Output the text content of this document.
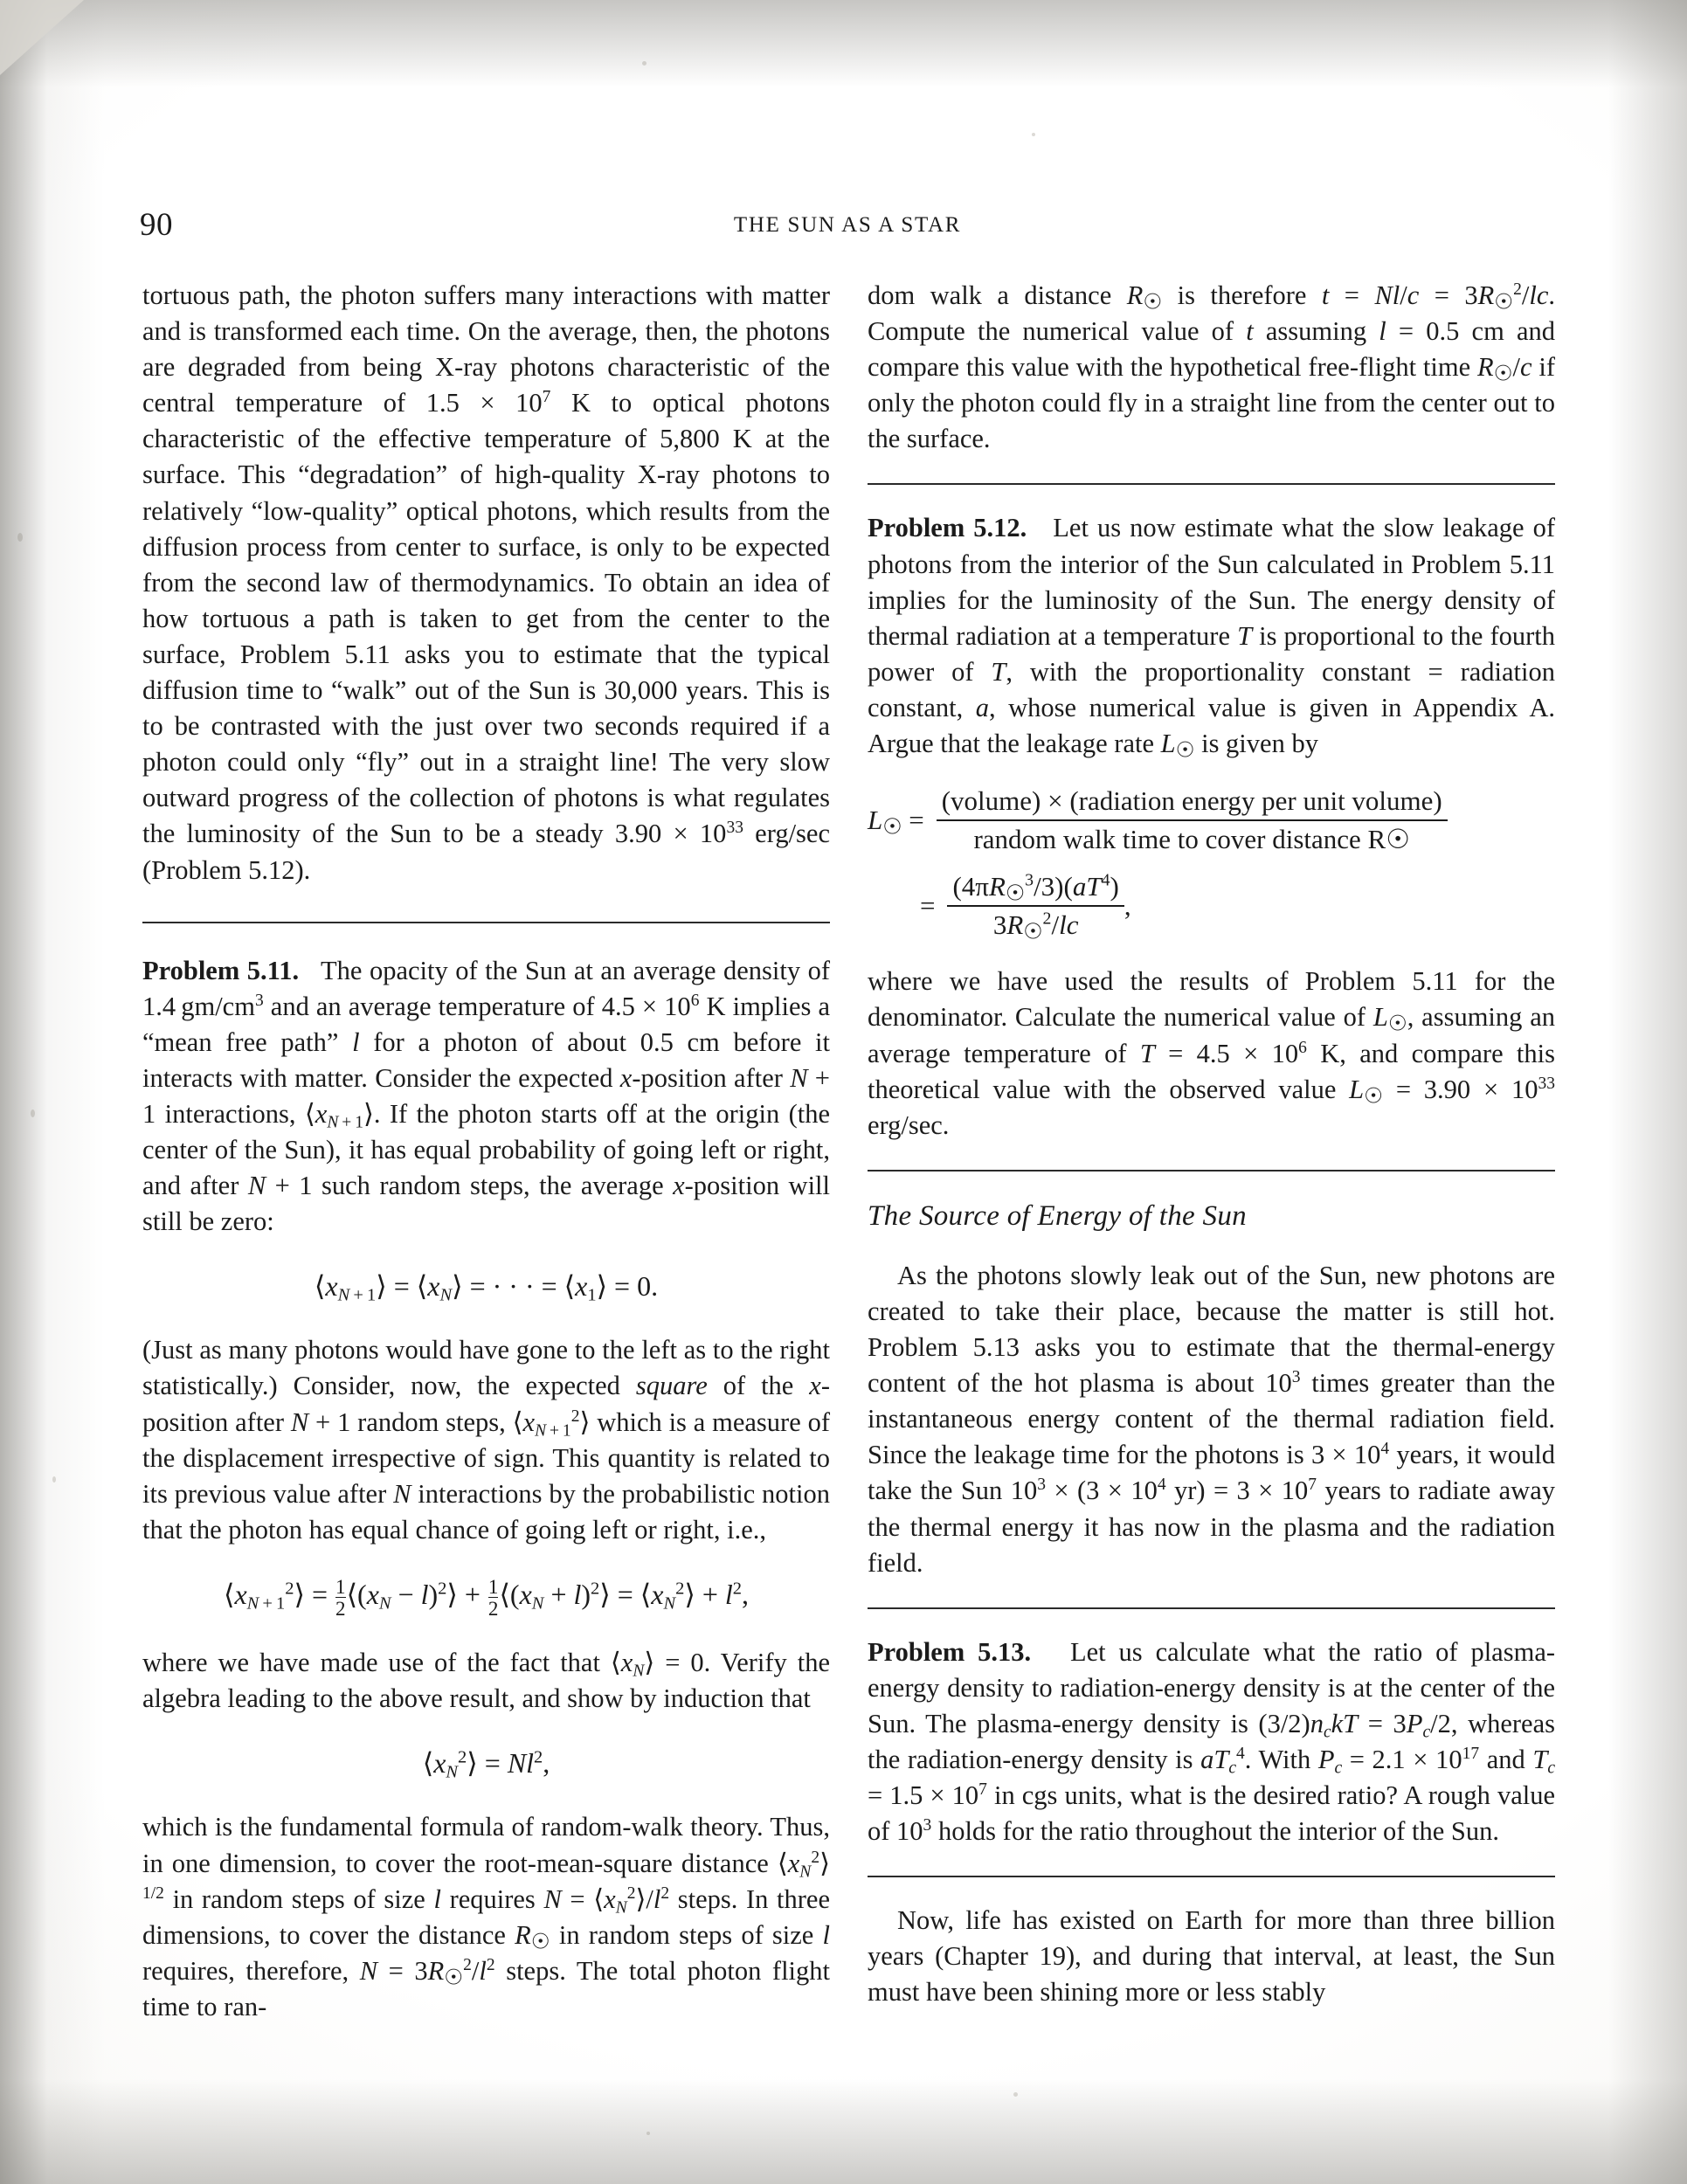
90	THE SUN AS A STAR

tortuous path, the photon suffers many interactions with matter and is transformed each time. On the average, then, the photons are degraded from being X-ray photons characteristic of the central temperature of $1.5 \times 10^7$ K to optical photons characteristic of the effective temperature of 5,800 K at the surface. This “degradation” of high-quality X-ray photons to relatively “low-quality” optical photons, which results from the diffusion process from center to surface, is only to be expected from the second law of thermodynamics. To obtain an idea of how tortuous a path is taken to get from the center to the surface, Problem 5.11 asks you to estimate that the typical diffusion time to “walk” out of the Sun is 30,000 years. This is to be contrasted with the just over two seconds required if a photon could only “fly” out in a straight line! The very slow outward progress of the collection of photons is what regulates the luminosity of the Sun to be a steady $3.90 \times 10^{33}$ erg/sec (Problem 5.12).

Problem 5.11.   The opacity of the Sun at an average density of 1.4 $gm/cm^3$ and an average temperature of $4.5 \times 10^6$ K implies a “mean free path” l for a photon of about 0.5 cm before it interacts with matter. Consider the expected x-position after N + 1 interactions, $⟨x_N$ $_{+ 1}$⟩. If the photon starts off at the origin (the center of the Sun), it has equal probability of going left or right, and after N + 1 such random steps, the average x-position will still be zero:

$⟨x_N$ $_{+ 1}$⟩ = $⟨x_N⟩$ = · · · = $⟨x_1⟩ = 0$.

(Just as many photons would have gone to the left as to the right statistically.) Consider, now, the expected square of the x-position after N + 1 random steps, $⟨x_N$ $_{+ 1}^2$⟩ which is a measure of the displacement irrespective of sign. This quantity is related to its previous value after N interactions by the probabilistic notion that the photon has equal chance of going left or right, i.e.,

$⟨x_N$ $_{+ 1}^2$⟩ = $\frac{1}{2}$ $⟨(x_N$ − l)$^2$⟩ + $\frac{1}{2}$ $⟨(x_N$ + l)$^2$⟩ = $⟨x_N^2⟩ + l^2$,

where we have made use of the fact that $⟨x_N⟩ = 0$. Verify the algebra leading to the above result, and show by induction that

$⟨x_N^2⟩ = Nl^2$,

which is the fundamental formula of random-walk theory. Thus, in one dimension, to cover the root-mean-square distance $⟨x_N^2⟩^{1/2}$ in random steps of size l requires $N = ⟨x_N^2⟩/l^2$ steps. In three dimensions, to cover the distance R☉ in random steps of size l requires, therefore, $N = 3R☉^2/l^2$ steps. The total photon flight time to ran-

dom walk a distance R☉ is therefore t = Nl/c = 3R☉$^2$/lc. Compute the numerical value of t assuming l = 0.5 cm and compare this value with the hypothetical free-flight time R☉/c if only the photon could fly in a straight line from the center out to the surface.

Problem 5.12.   Let us now estimate what the slow leakage of photons from the interior of the Sun calculated in Problem 5.11 implies for the luminosity of the Sun. The energy density of thermal radiation at a temperature T is proportional to the fourth power of T, with the proportionality constant = radiation constant, a, whose numerical value is given in Appendix A. Argue that the leakage rate L☉ is given by

L☉ = $\frac{\text{(volume) × (radiation energy per unit volume)}}{\text{random walk time to cover distance R☉}}$
= $\frac{(4\pi R☉^3/3)(aT^4)}{3R☉^2/lc}$ ,

where we have used the results of Problem 5.11 for the denominator. Calculate the numerical value of L☉, assuming an average temperature of $T = 4.5 \times 10^6$ K, and compare this theoretical value with the observed value L☉ = $3.90 \times 10^{33}$ erg/sec.

The Source of Energy of the Sun

As the photons slowly leak out of the Sun, new photons are created to take their place, because the matter is still hot. Problem 5.13 asks you to estimate that the thermal-energy content of the hot plasma is about $10^3$ times greater than the instantaneous energy content of the thermal radiation field. Since the leakage time for the photons is $3 \times 10^4$ years, it would take the Sun $10^3 \times (3 \times 10^4$ $yr) = 3 \times 10^7$ years to radiate away the thermal energy it has now in the plasma and the radiation field.

Problem 5.13.   Let us calculate what the ratio of plasma-energy density to radiation-energy density is at the center of the Sun. The plasma-energy density is $(3/2)n_ckT = 3P_c/2$, whereas the radiation-energy density is $aT_c^4$. With $P_c = 2.1 \times 10^{17}$ and $T_c = 1.5 \times 10^7$ in cgs units, what is the desired ratio? A rough value of $10^3$ holds for the ratio throughout the interior of the Sun.

Now, life has existed on Earth for more than three billion years (Chapter 19), and during that interval, at least, the Sun must have been shining more or less stably
